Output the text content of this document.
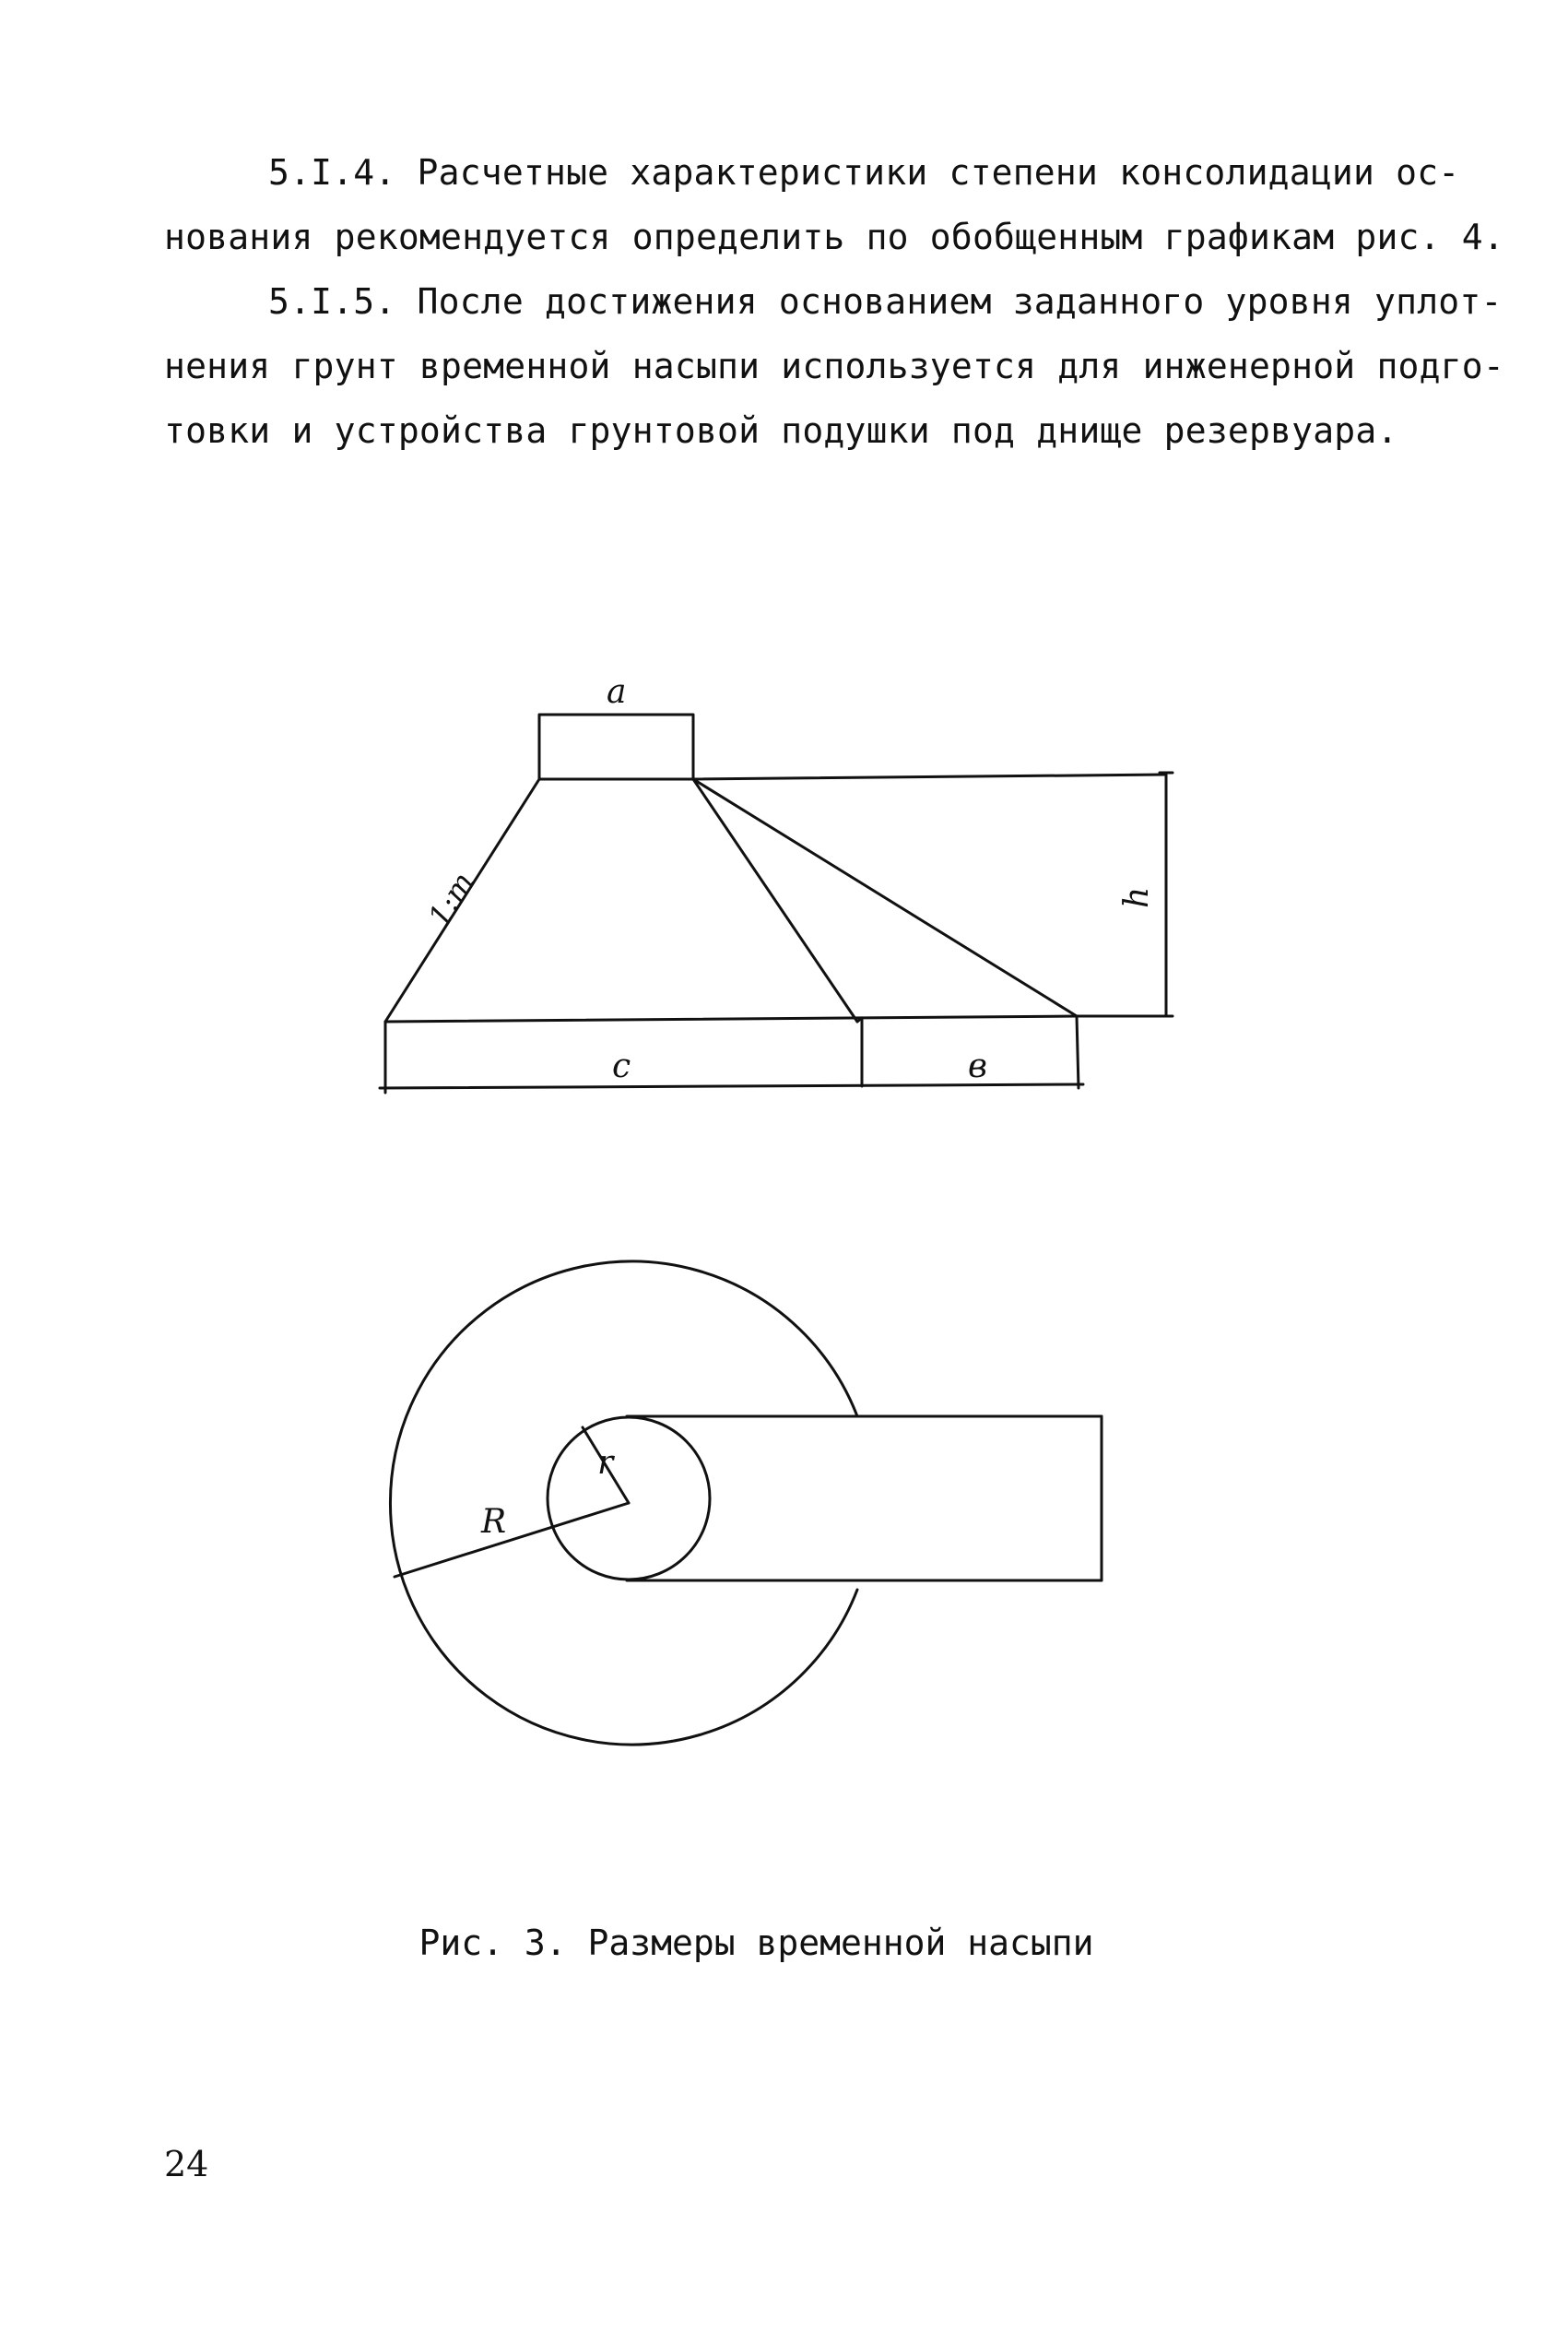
5.I.4. Расчетные характеристики степени консолидации ос-
нования рекомендуется определить по обобщенным графикам рис. 4.
5.I.5. После достижения основанием заданного уровня уплот-
нения грунт временной насыпи используется для инженерной подго-
товки и устройства грунтовой подушки под днище резервуара.
a
1:m	h
c	в
r
R
Рис. 3. Размеры временной насыпи
24
